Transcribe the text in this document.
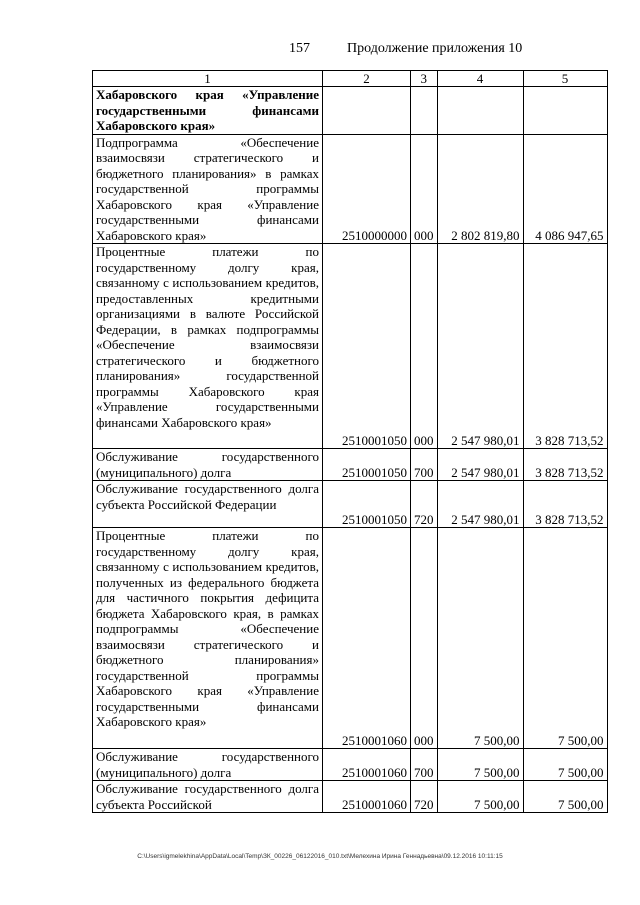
157	Продолжение приложения 10
1	2	3	4	5
Хабаровского края «Управление государственными финансами Хабаровского края»				
Подпрограмма «Обеспечение взаимосвязи стратегического и бюджетного планирования» в рамках государственной программы Хабаровского края «Управление государственными финансами Хабаровского края»	2510000000	000	2 802 819,80	4 086 947,65
Процентные платежи по государственному долгу края, связанному с использованием кредитов, предоставленных кредитными организациями в валюте Российской Федерации, в рамках подпрограммы «Обеспечение взаимосвязи стратегического и бюджетного планирования» государственной программы Хабаровского края «Управление государственными финансами Хабаровского края»	2510001050	000	2 547 980,01	3 828 713,52
Обслуживание государственного (муниципального) долга	2510001050	700	2 547 980,01	3 828 713,52
Обслуживание государственного долга субъекта Российской Федерации	2510001050	720	2 547 980,01	3 828 713,52
Процентные платежи по государственному долгу края, связанному с использованием кредитов, полученных из федерального бюджета для частичного покрытия дефицита бюджета Хабаровского края, в рамках подпрограммы «Обеспечение взаимосвязи стратегического и бюджетного планирования» государственной программы Хабаровского края «Управление государственными финансами Хабаровского края»	2510001060	000	7 500,00	7 500,00
Обслуживание государственного (муниципального) долга	2510001060	700	7 500,00	7 500,00
Обслуживание государственного долга субъекта Российской	2510001060	720	7 500,00	7 500,00
C:\Users\igmelekhina\AppData\Local\Temp\ЗК_00226_06122016_010.txt\Мелехина Ирина Геннадьевна\09.12.2016 10:11:15
